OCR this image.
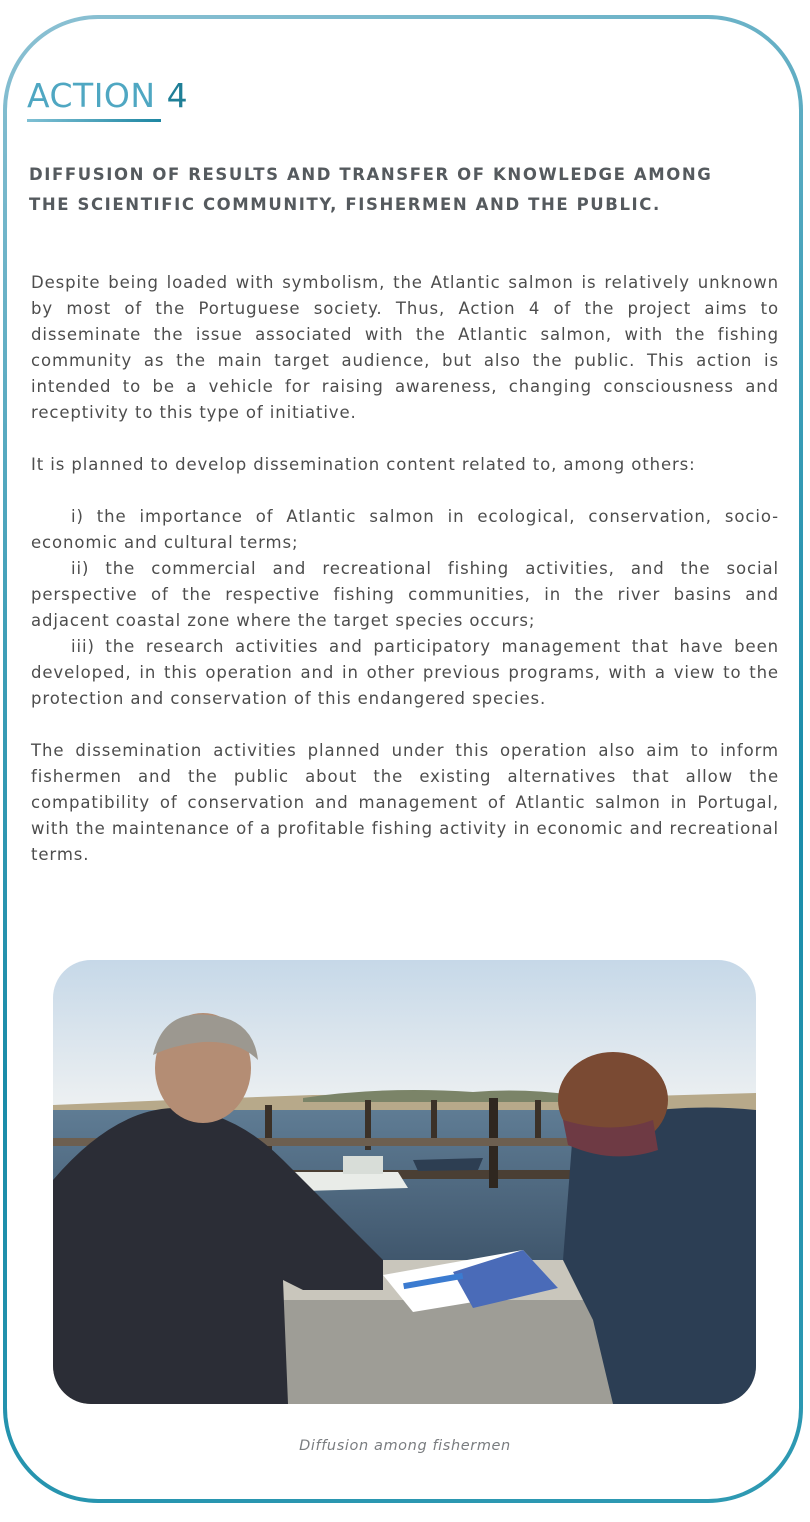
ACTION 4
DIFFUSION OF RESULTS AND TRANSFER OF KNOWLEDGE AMONG
THE SCIENTIFIC COMMUNITY, FISHERMEN AND THE PUBLIC.

Despite being loaded with symbolism, the Atlantic salmon is relatively unknown by most of the Portuguese society. Thus, Action 4 of the project aims to disseminate the issue associated with the Atlantic salmon, with the fishing community as the main target audience, but also the public. This action is intended to be a vehicle for raising awareness, changing consciousness and receptivity to this type of initiative.

It is planned to develop dissemination content related to, among others:

i) the importance of Atlantic salmon in ecological, conservation, socio-economic and cultural terms;

ii) the commercial and recreational fishing activities, and the social perspective of the respective fishing communities, in the river basins and adjacent coastal zone where the target species occurs;

iii) the research activities and participatory management that have been developed, in this operation and in other previous programs, with a view to the protection and conservation of this endangered species.

The dissemination activities planned under this operation also aim to inform fishermen and the public about the existing alternatives that allow the compatibility of conservation and management of Atlantic salmon in Portugal, with the maintenance of a profitable fishing activity in economic and recreational terms.

Diffusion among fishermen
